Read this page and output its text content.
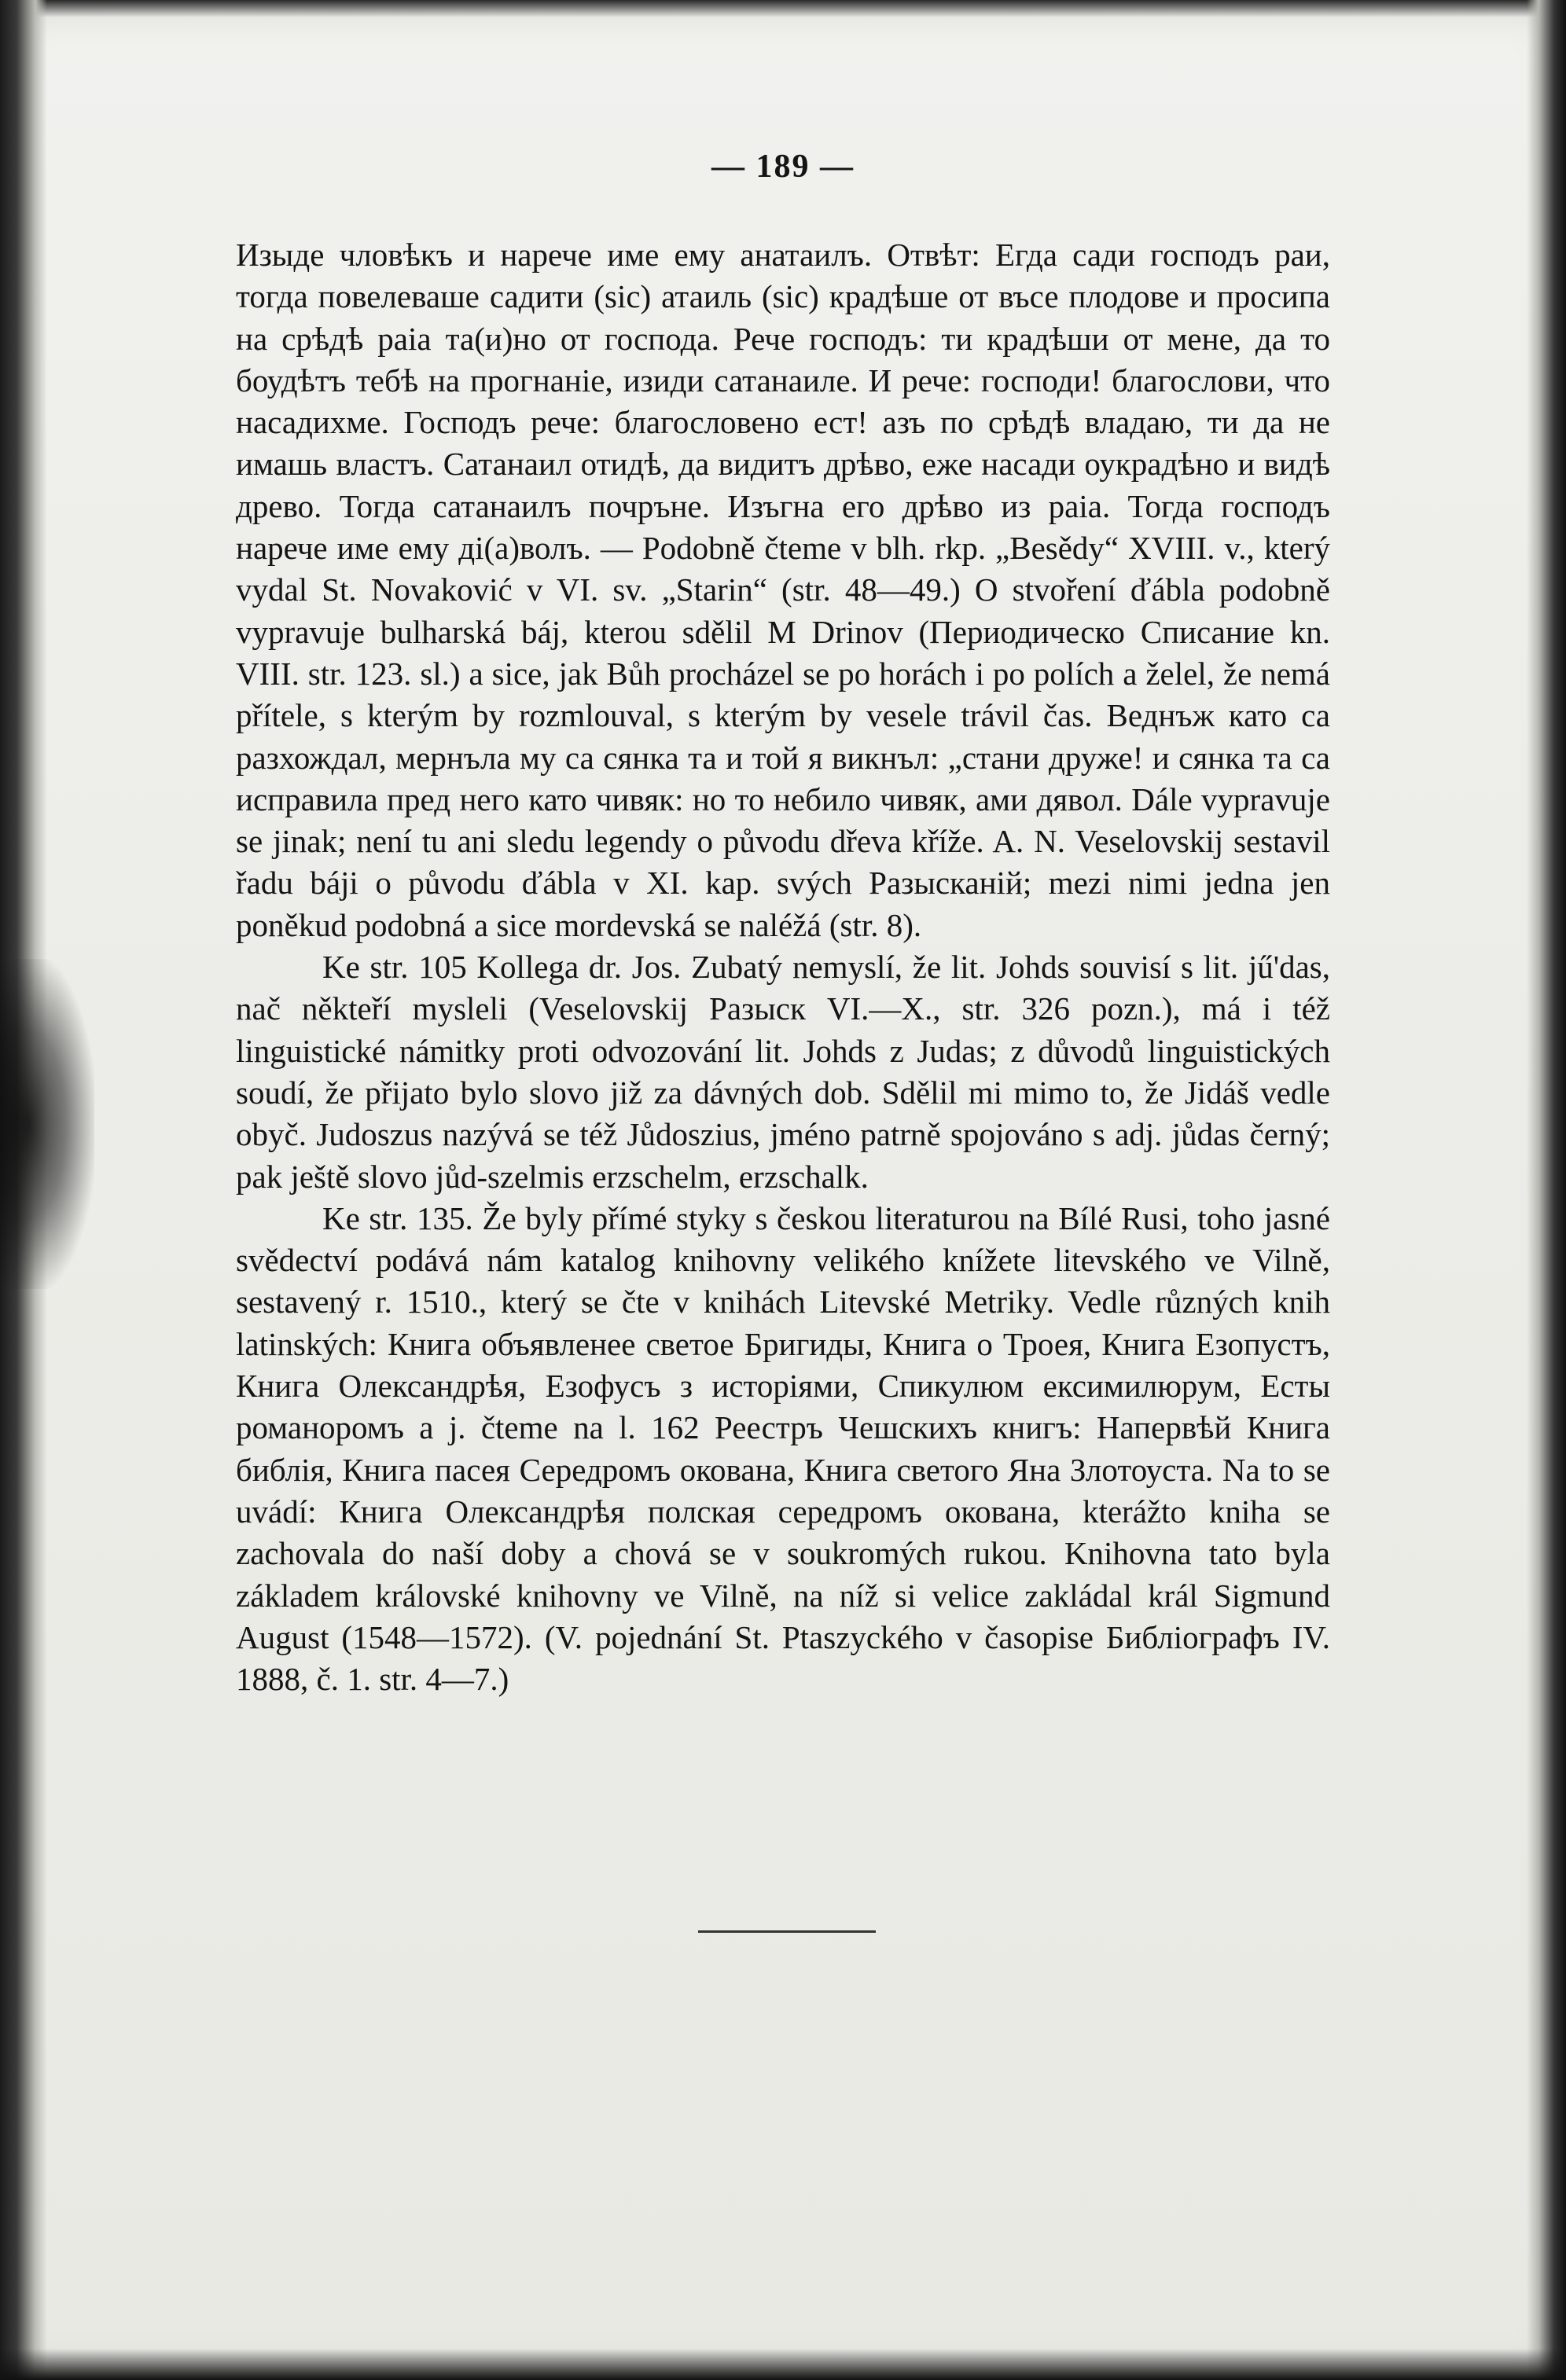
— 189 —

Изыде чловѣкъ и нарече име ему анатаилъ. Отвѣт: Егда сади господъ раи, тогда повелеваше садити (sic) атаиль (sic) крадѣше от въсе плодове и просипа на срѣдѣ раіа та(и)но от господа. Рече господъ: ти крадѣши от мене, да то боудѣтъ тебѣ на прогнаніе, изиди сатанаиле. И рече: господи! благослови, что насадихме. Господъ рече: благословено ест! азъ по срѣдѣ владаю, ти да не имашь властъ. Сатанаил отидѣ, да видитъ дрѣво, еже насади оукрадѣно и видѣ древо. Тогда сатанаилъ почръне. Изъгна его дрѣво из раіа. Тогда господъ нарече име ему ді(а)волъ. — Podobně čteme v blh. rkp. „Besědy“ XVIII. v., který vydal St. Novaković v VI. sv. „Starin“ (str. 48—49.) O stvoření ďábla podobně vypravuje bulharská báj, kterou sdělil M Drinov (Периодическо Списание kn. VIII. str. 123. sl.) a sice, jak Bůh procházel se po horách i po polích a želel, že nemá přítele, s kterým by rozmlouval, s kterým by vesele trávil čas. Веднъж като са разхождал, мернъла му са сянка та и той я викнъл: „стани друже! и сянка та са исправила пред него като чивяк: но то небило чивяк, ами дявол. Dále vypravuje se jinak; není tu ani sledu legendy o původu dřeva kříže. A. N. Veselovskij sestavil řadu báji o původu ďábla v XI. kap. svých Разысканій; mezi nimi jedna jen poněkud podobná a sice mordevská se naléžá (str. 8).

Ke str. 105 Kollega dr. Jos. Zubatý nemyslí, že lit. Johds souvisí s lit. jű'das, nač někteří mysleli (Veselovskij Разыск VI.—X., str. 326 pozn.), má i též linguistické námitky proti odvozování lit. Johds z Judas; z důvodů linguistických soudí, že přijato bylo slovo již za dávných dob. Sdělil mi mimo to, že Jidáš vedle obyč. Judoszus nazývá se též Jůdoszius, jméno patrně spojováno s adj. jůdas černý; pak ještě slovo jůd-szelmis erzschelm, erzschalk.

Ke str. 135. Že byly přímé styky s českou literaturou na Bílé Rusi, toho jasné svědectví podává nám katalog knihovny velikého knížete litevského ve Vilně, sestavený r. 1510., který se čte v knihách Litevské Metriky. Vedle různých knih latinských: Книга объявленее светое Бригиды, Книга о Троея, Книга Езопустъ, Книга Олександрѣя, Езофусъ з исторіями, Спикулюм ексимилюрум, Есты романоромъ a j. čteme na l. 162 Реестръ Чешскихъ книгъ: Напервѣй Книга библія, Книга пасея Середромъ окована, Книга светого Яна Злотоуста. Na to se uvádí: Книга Олександрѣя полская середромъ окована, kterážto kniha se zachovala do naší doby a chová se v soukromých rukou. Knihovna tato byla základem královské knihovny ve Vilně, na níž si velice zakládal král Sigmund August (1548—1572). (V. pojednání St. Ptaszyckého v časopise Библіографъ IV. 1888, č. 1. str. 4—7.)
